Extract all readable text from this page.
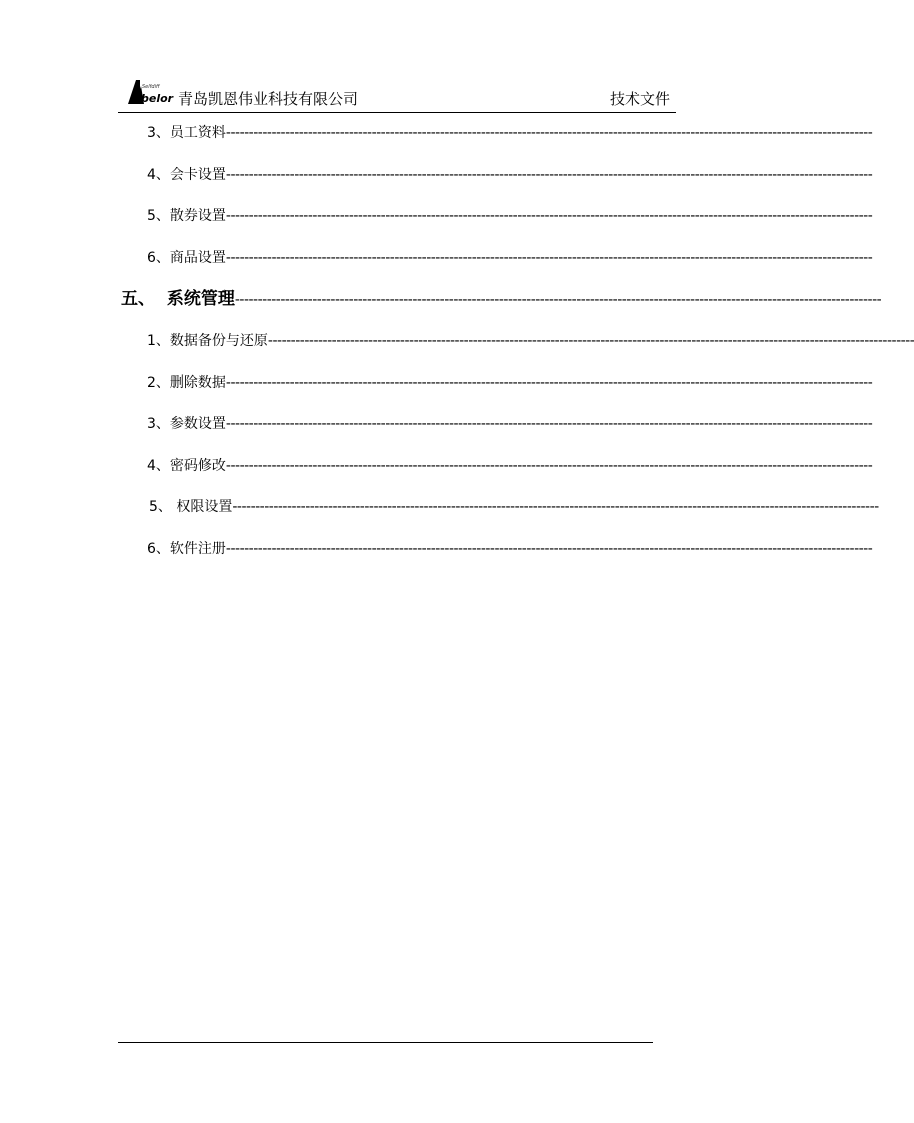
Selfdiff
belor 青岛凯恩伟业科技有限公司	技术文件
3、员工资料----------------------------------------------------------------------------------------------------------------------------------------------
4、会卡设置----------------------------------------------------------------------------------------------------------------------------------------------
5、散券设置----------------------------------------------------------------------------------------------------------------------------------------------
6、商品设置----------------------------------------------------------------------------------------------------------------------------------------------
五、  系统管理----------------------------------------------------------------------------------------------------------------------------------------------
1、数据备份与还原----------------------------------------------------------------------------------------------------------------------------------------------
2、删除数据----------------------------------------------------------------------------------------------------------------------------------------------
3、参数设置----------------------------------------------------------------------------------------------------------------------------------------------
4、密码修改----------------------------------------------------------------------------------------------------------------------------------------------
5、 权限设置----------------------------------------------------------------------------------------------------------------------------------------------
6、软件注册----------------------------------------------------------------------------------------------------------------------------------------------
